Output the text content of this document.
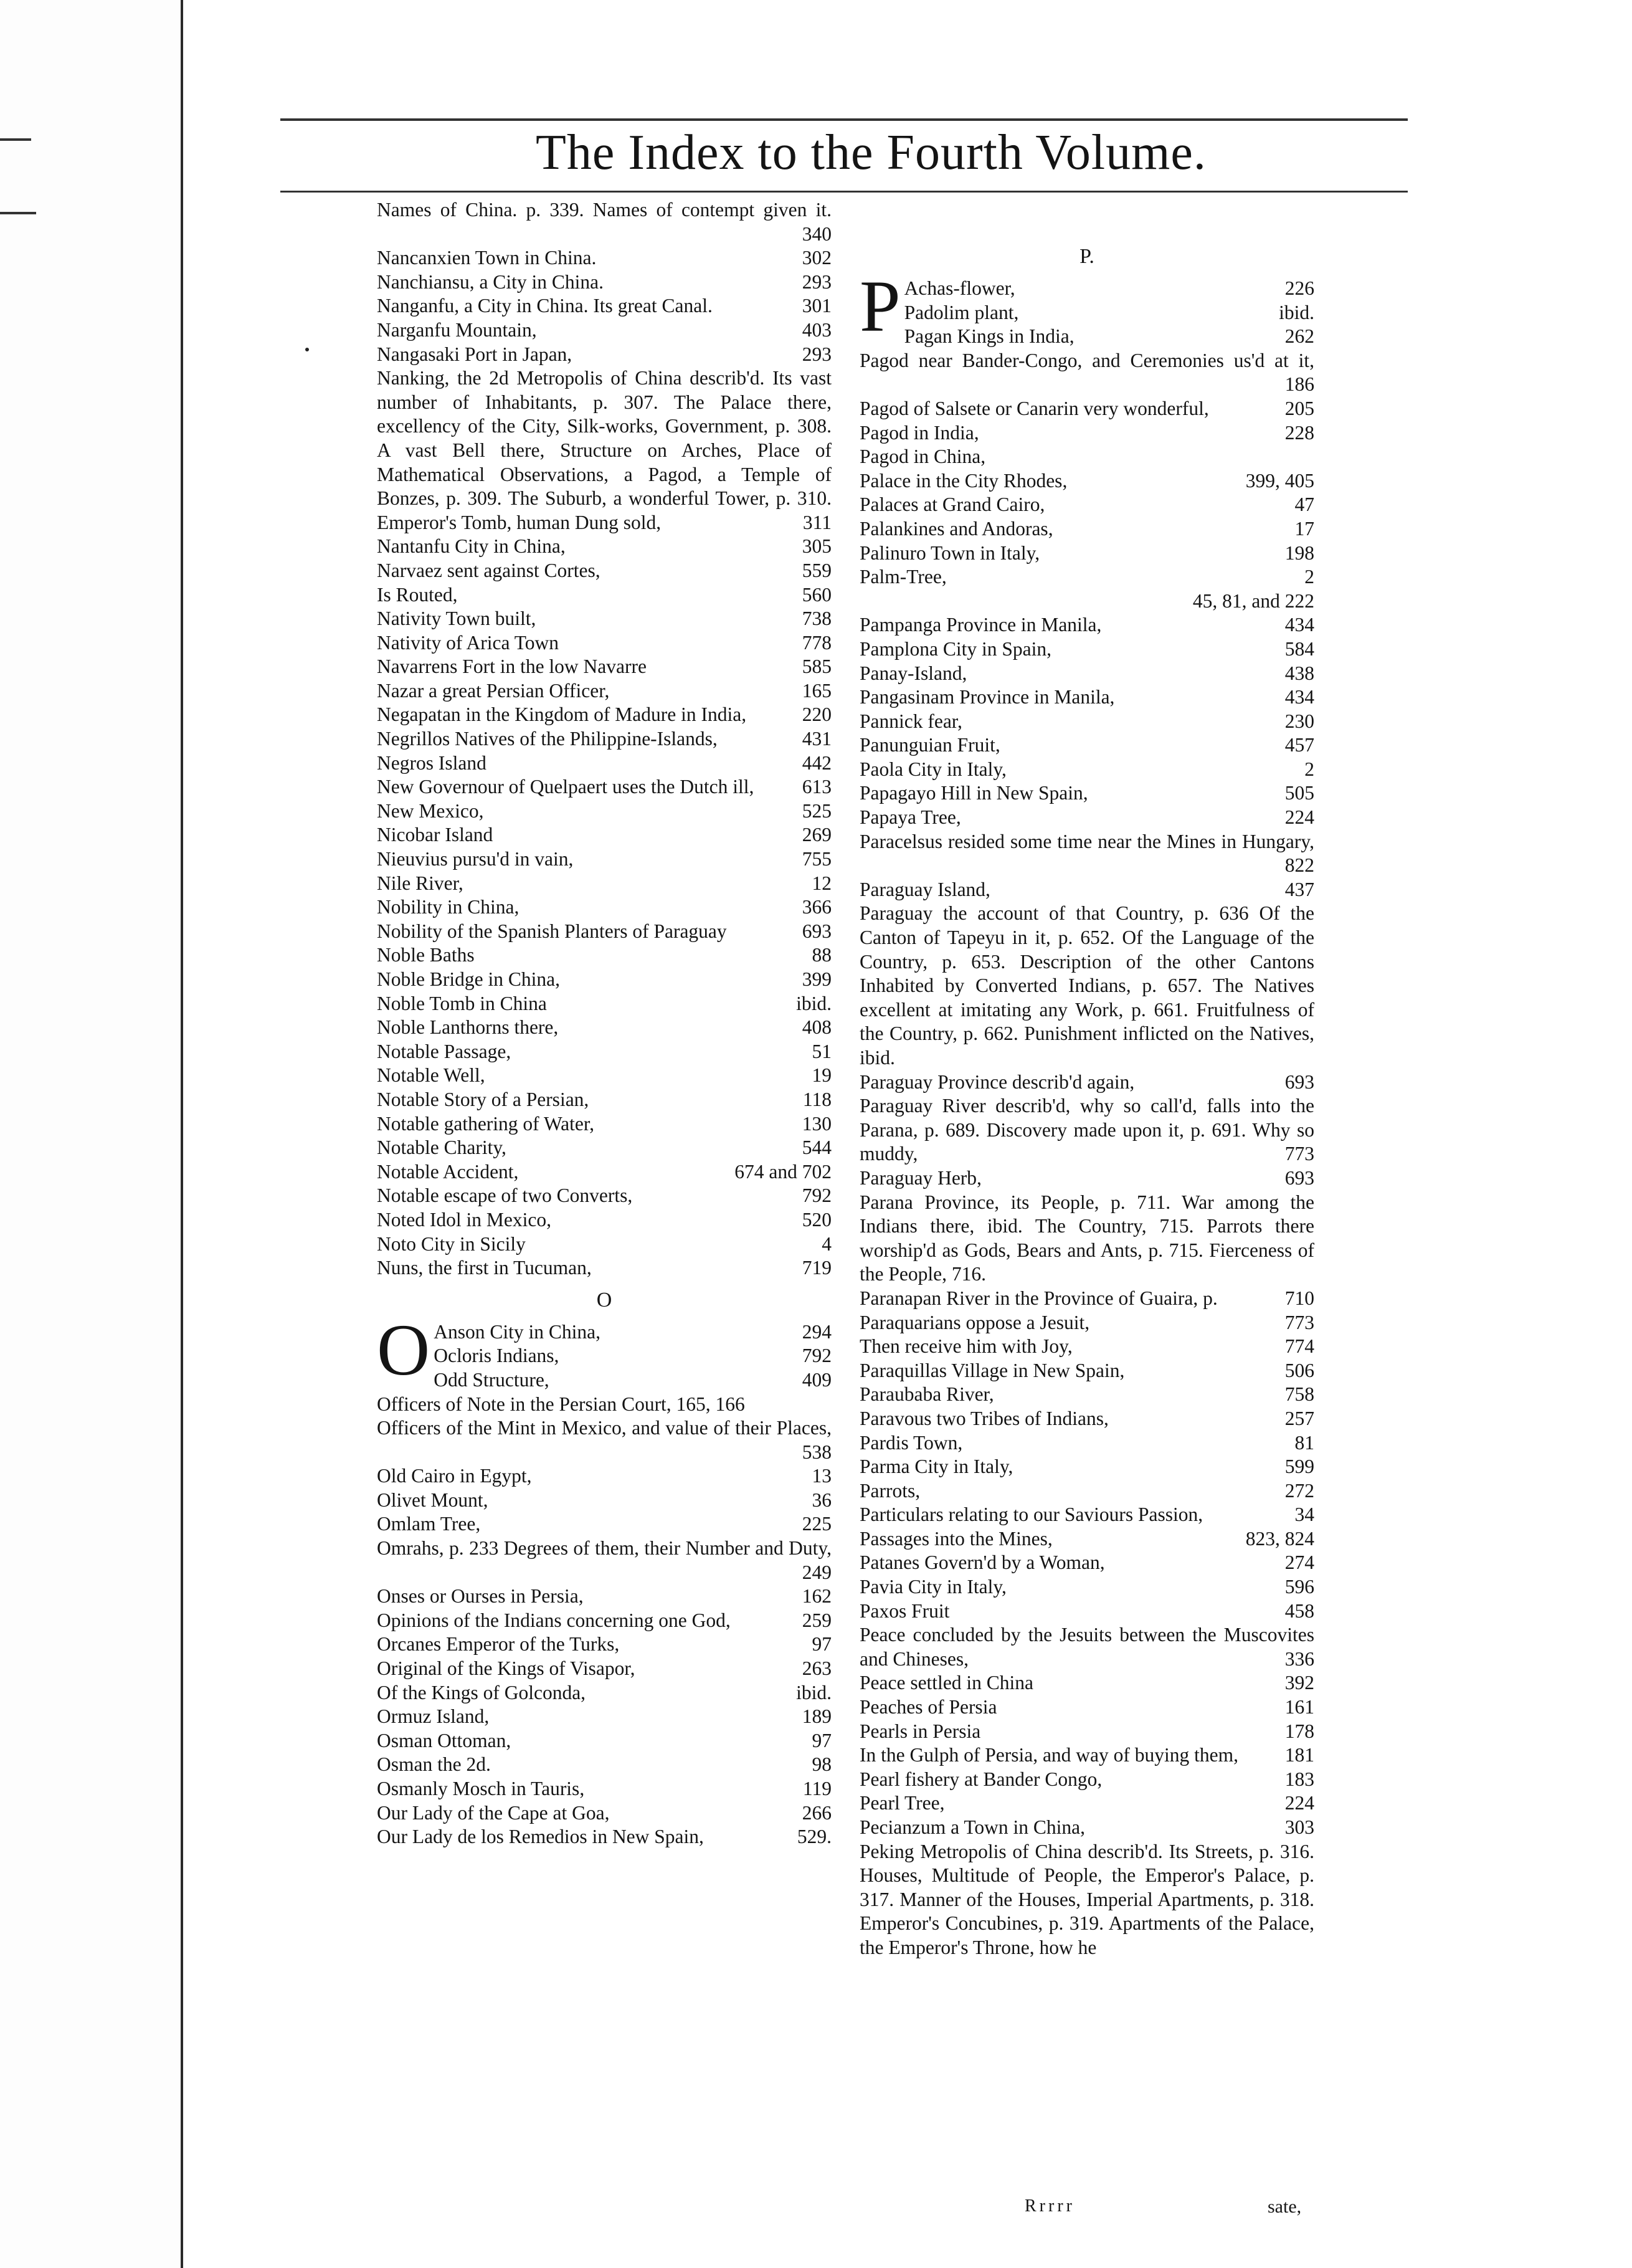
The Index to the Fourth Volume.
Names of China. p. 339. Names of contempt given it.
340
Nancanxien Town in China.	302
Nanchiansu, a City in China.	293
Nanganfu, a City in China. Its great Canal.	301
Narganfu Mountain,	403
Nangasaki Port in Japan,	293
Nanking, the 2d Metropolis of China describ'd. Its vast number of Inhabitants, p. 307. The Palace there, excellency of the City, Silk-works, Government, p. 308. A vast Bell there, Structure on Arches, Place of Mathematical Observations, a Pagod, a Temple of Bonzes, p. 309. The Suburb, a wonderful Tower, p. 310. Emperor's Tomb, human Dung sold,	311
Nantanfu City in China,	305
Narvaez sent against Cortes,	559
Is Routed,	560
Nativity Town built,	738
Nativity of Arica Town	778
Navarrens Fort in the low Navarre	585
Nazar a great Persian Officer,	165
Negapatan in the Kingdom of Madure in India,	220
Negrillos Natives of the Philippine-Islands,	431
Negros Island	442
New Governour of Quelpaert uses the Dutch ill,	613
New Mexico,	525
Nicobar Island	269
Nieuvius pursu'd in vain,	755
Nile River,	12
Nobility in China,	366
Nobility of the Spanish Planters of Paraguay	693
Noble Baths	88
Noble Bridge in China,	399
Noble Tomb in China	ibid.
Noble Lanthorns there,	408
Notable Passage,	51
Notable Well,	19
Notable Story of a Persian,	118
Notable gathering of Water,	130
Notable Charity,	544
Notable Accident,	674 and 702
Notable escape of two Converts,	792
Noted Idol in Mexico,	520
Noto City in Sicily	4
Nuns, the first in Tucuman,	719
O
O Anson City in China,	294
Ocloris Indians,	792
Odd Structure,	409
Officers of Note in the Persian Court, 165, 166
Officers of the Mint in Mexico, and value of their Places,
538
Old Cairo in Egypt,	13
Olivet Mount,	36
Omlam Tree,	225
Omrahs, p. 233 Degrees of them, their Number and Duty,
249
Onses or Ourses in Persia,	162
Opinions of the Indians concerning one God,	259
Orcanes Emperor of the Turks,	97
Original of the Kings of Visapor,	263
Of the Kings of Golconda,	ibid.
Ormuz Island,	189
Osman Ottoman,	97
Osman the 2d.	98
Osmanly Mosch in Tauris,	119
Our Lady of the Cape at Goa,	266
Our Lady de los Remedios in New Spain,	529.
P.
P Achas-flower,	226
Padolim plant,	ibid.
Pagan Kings in India,	262
Pagod near Bander-Congo, and Ceremonies us'd at it,
186
Pagod of Salsete or Canarin very wonderful,	205
Pagod in India,	228
Pagod in China,
Palace in the City Rhodes,	399, 405
Palaces at Grand Cairo,	47
Palankines and Andoras,	17
Palinuro Town in Italy,	198
Palm-Tree,	2
45, 81, and 222
Pampanga Province in Manila,	434
Pamplona City in Spain,	584
Panay-Island,	438
Pangasinam Province in Manila,	434
Pannick fear,	230
Panunguian Fruit,	457
Paola City in Italy,	2
Papagayo Hill in New Spain,	505
Papaya Tree,	224
Paracelsus resided some time near the Mines in Hungary,
822
Paraguay Island,	437
Paraguay the account of that Country, p. 636 Of the Canton of Tapeyu in it, p. 652. Of the Language of the Country, p. 653. Description of the other Cantons Inhabited by Converted Indians, p. 657. The Natives excellent at imitating any Work, p. 661. Fruitfulness of the Country, p. 662. Punishment inflicted on the Natives, ibid.
Paraguay Province describ'd again,	693
Paraguay River describ'd, why so call'd, falls into the Parana, p. 689. Discovery made upon it, p. 691. Why so muddy,	773
Paraguay Herb,	693
Parana Province, its People, p. 711. War among the Indians there, ibid. The Country, 715. Parrots there worship'd as Gods, Bears and Ants, p. 715. Fierceness of the People, 716.
Paranapan River in the Province of Guaira, p.	710
Paraquarians oppose a Jesuit,	773
Then receive him with Joy,	774
Paraquillas Village in New Spain,	506
Paraubaba River,	758
Paravous two Tribes of Indians,	257
Pardis Town,	81
Parma City in Italy,	599
Parrots,	272
Particulars relating to our Saviours Passion,	34
Passages into the Mines,	823, 824
Patanes Govern'd by a Woman,	274
Pavia City in Italy,	596
Paxos Fruit	458
Peace concluded by the Jesuits between the Muscovites and Chineses,	336
Peace settled in China	392
Peaches of Persia	161
Pearls in Persia	178
In the Gulph of Persia, and way of buying them,	181
Pearl fishery at Bander Congo,	183
Pearl Tree,	224
Pecianzum a Town in China,	303
Peking Metropolis of China describ'd. Its Streets, p. 316. Houses, Multitude of People, the Emperor's Palace, p. 317. Manner of the Houses, Imperial Apartments, p. 318. Emperor's Concubines, p. 319. Apartments of the Palace, the Emperor's Throne, how he
Rrrrr	sate,
